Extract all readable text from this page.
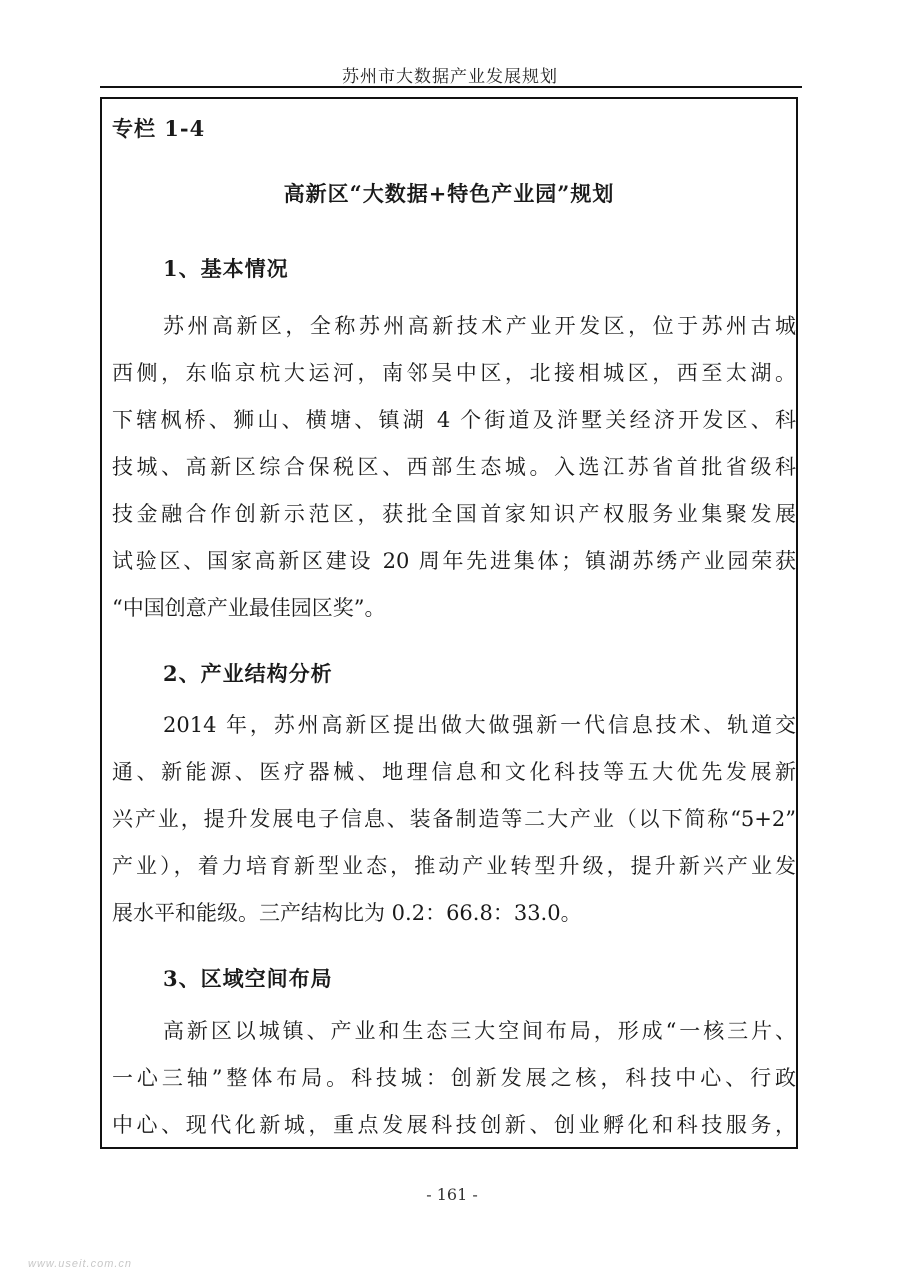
苏州市大数据产业发展规划
专栏 1-4
高新区“大数据+特色产业园”规划
1、基本情况
苏州高新区，全称苏州高新技术产业开发区，位于苏州古城
西侧，东临京杭大运河，南邻吴中区，北接相城区，西至太湖。
下辖枫桥、狮山、横塘、镇湖 4 个街道及浒墅关经济开发区、科
技城、高新区综合保税区、西部生态城。入选江苏省首批省级科
技金融合作创新示范区，获批全国首家知识产权服务业集聚发展
试验区、国家高新区建设 20 周年先进集体；镇湖苏绣产业园荣获
“中国创意产业最佳园区奖”。
2、产业结构分析
2014 年，苏州高新区提出做大做强新一代信息技术、轨道交
通、新能源、医疗器械、地理信息和文化科技等五大优先发展新
兴产业，提升发展电子信息、装备制造等二大产业（以下简称“5+2”
产业），着力培育新型业态，推动产业转型升级，提升新兴产业发
展水平和能级。三产结构比为 0.2：66.8：33.0。
3、区域空间布局
高新区以城镇、产业和生态三大空间布局，形成“一核三片、
一心三轴”整体布局。科技城：创新发展之核，科技中心、行政
中心、现代化新城，重点发展科技创新、创业孵化和科技服务，
- 161 -
www.useit.com.cn
